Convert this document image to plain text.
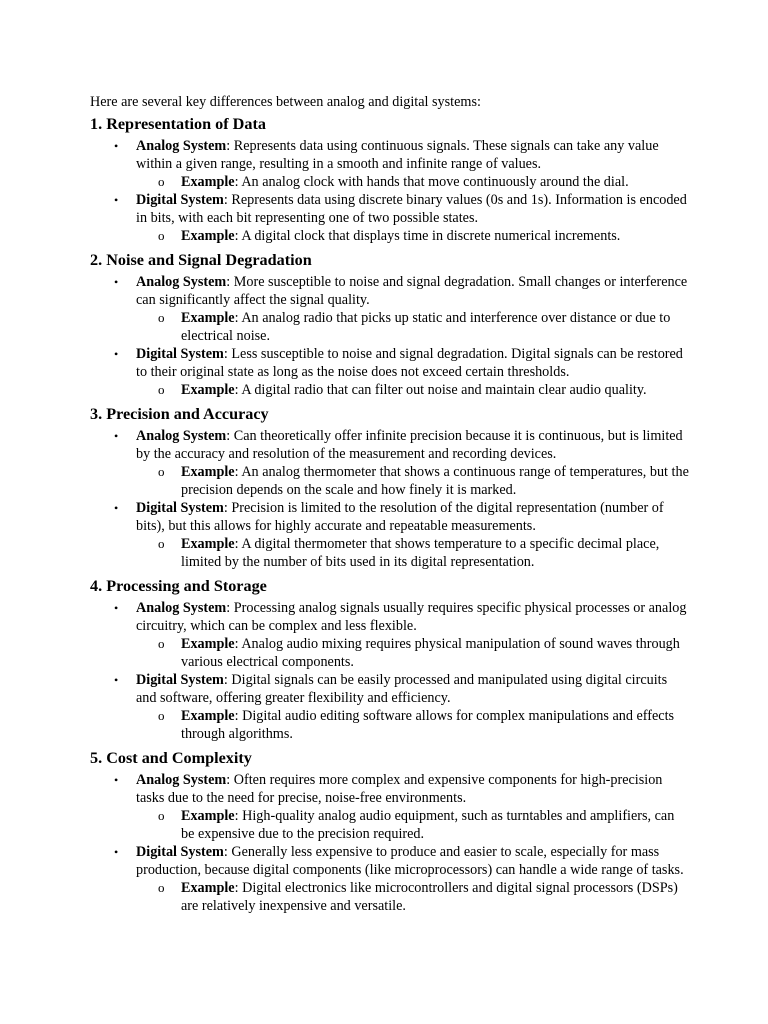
Here are several key differences between analog and digital systems:

1. Representation of Data
• Analog System: Represents data using continuous signals. These signals can take any value within a given range, resulting in a smooth and infinite range of values.
o Example: An analog clock with hands that move continuously around the dial.
• Digital System: Represents data using discrete binary values (0s and 1s). Information is encoded in bits, with each bit representing one of two possible states.
o Example: A digital clock that displays time in discrete numerical increments.
2. Noise and Signal Degradation
• Analog System: More susceptible to noise and signal degradation. Small changes or interference can significantly affect the signal quality.
o Example: An analog radio that picks up static and interference over distance or due to electrical noise.
• Digital System: Less susceptible to noise and signal degradation. Digital signals can be restored to their original state as long as the noise does not exceed certain thresholds.
o Example: A digital radio that can filter out noise and maintain clear audio quality.
3. Precision and Accuracy
• Analog System: Can theoretically offer infinite precision because it is continuous, but is limited by the accuracy and resolution of the measurement and recording devices.
o Example: An analog thermometer that shows a continuous range of temperatures, but the precision depends on the scale and how finely it is marked.
• Digital System: Precision is limited to the resolution of the digital representation (number of bits), but this allows for highly accurate and repeatable measurements.
o Example: A digital thermometer that shows temperature to a specific decimal place, limited by the number of bits used in its digital representation.
4. Processing and Storage
• Analog System: Processing analog signals usually requires specific physical processes or analog circuitry, which can be complex and less flexible.
o Example: Analog audio mixing requires physical manipulation of sound waves through various electrical components.
• Digital System: Digital signals can be easily processed and manipulated using digital circuits and software, offering greater flexibility and efficiency.
o Example: Digital audio editing software allows for complex manipulations and effects through algorithms.
5. Cost and Complexity
• Analog System: Often requires more complex and expensive components for high-precision tasks due to the need for precise, noise-free environments.
o Example: High-quality analog audio equipment, such as turntables and amplifiers, can be expensive due to the precision required.
• Digital System: Generally less expensive to produce and easier to scale, especially for mass production, because digital components (like microprocessors) can handle a wide range of tasks.
o Example: Digital electronics like microcontrollers and digital signal processors (DSPs) are relatively inexpensive and versatile.
